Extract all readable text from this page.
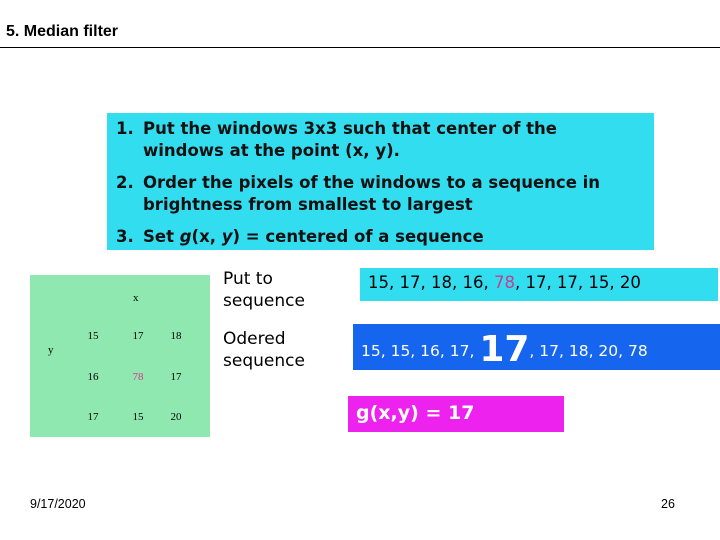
5. Median filter
1. Put the windows 3x3 such that center of the
windows at the point (x, y).
2. Order the pixels of the windows to a sequence in
brightness from smallest to largest
3. Set g(x, y) = centered of a sequence
x
y
15	17	18
16	78	17
17	15	20
Put to
sequence
Odered
sequence
15, 17, 18, 16, 78, 17, 17, 15, 20
15, 15, 16, 17, 17, 17, 18, 20, 78
g(x,y) = 17
9/17/2020	26
